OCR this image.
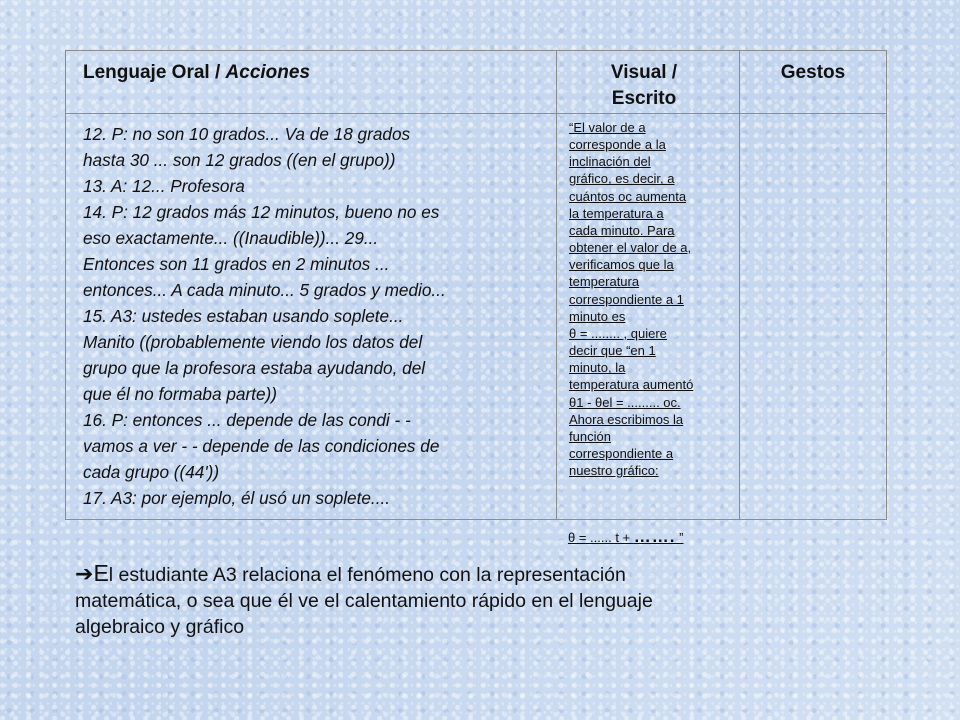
Lenguaje Oral / Acciones	Visual /
Escrito
Gestos
12. P: no son 10 grados... Va de 18 grados
hasta 30 ... son 12 grados ((en el grupo))
13. A: 12... Profesora
14. P: 12 grados más 12 minutos, bueno no es
eso exactamente... ((Inaudible))... 29...
Entonces son 11 grados en 2 minutos ...
entonces... A cada minuto... 5 grados y medio...
15. A3: ustedes estaban usando soplete...
Manito ((probablemente viendo los datos del
grupo que la profesora estaba ayudando, del
que él no formaba parte))
16. P: entonces ... depende de las condi - -
vamos a ver - - depende de las condiciones de
cada grupo ((44'))
17. A3: por ejemplo, él usó un soplete....
“El valor de a
corresponde a la
inclinación del
gráfico, es decir, a
cuántos oc aumenta
la temperatura a
cada minuto. Para
obtener el valor de a,
verificamos que la
temperatura
correspondiente a 1
minuto es
θ = ........ , quiere
decir que “en 1
minuto, la
temperatura aumentó
θ1 - θel = ......... oc.
Ahora escribimos la
función
correspondiente a
nuestro gráfico:
θ = ...... t + ……. ”
➔El estudiante A3 relaciona el fenómeno con la representación
matemática, o sea que él ve el calentamiento rápido en el lenguaje
algebraico y gráfico
